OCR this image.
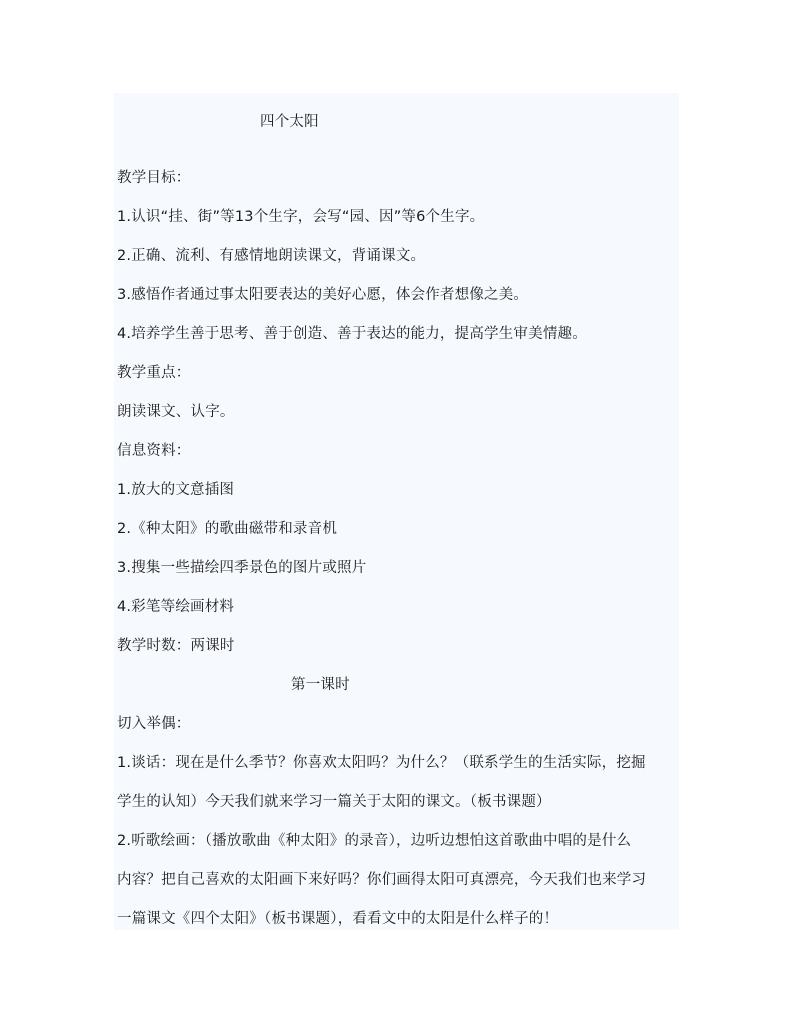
四个太阳
教学目标：
1.认识“挂、街”等13个生字，会写“园、因”等6个生字。
2.正确、流利、有感情地朗读课文，背诵课文。
3.感悟作者通过事太阳要表达的美好心愿，体会作者想像之美。
4.培养学生善于思考、善于创造、善于表达的能力，提高学生审美情趣。
教学重点：
朗读课文、认字。
信息资料：
1.放大的文意插图
2.《种太阳》的歌曲磁带和录音机
3.搜集一些描绘四季景色的图片或照片
4.彩笔等绘画材料
教学时数：两课时
第一课时
切入举偶：
1.谈话：现在是什么季节？你喜欢太阳吗？为什么？（联系学生的生活实际，挖掘
学生的认知）今天我们就来学习一篇关于太阳的课文。（板书课题）
2.听歌绘画：（播放歌曲《种太阳》的录音），边听边想怕这首歌曲中唱的是什么
内容？把自己喜欢的太阳画下来好吗？你们画得太阳可真漂亮，今天我们也来学习
一篇课文《四个太阳》（板书课题），看看文中的太阳是什么样子的！
